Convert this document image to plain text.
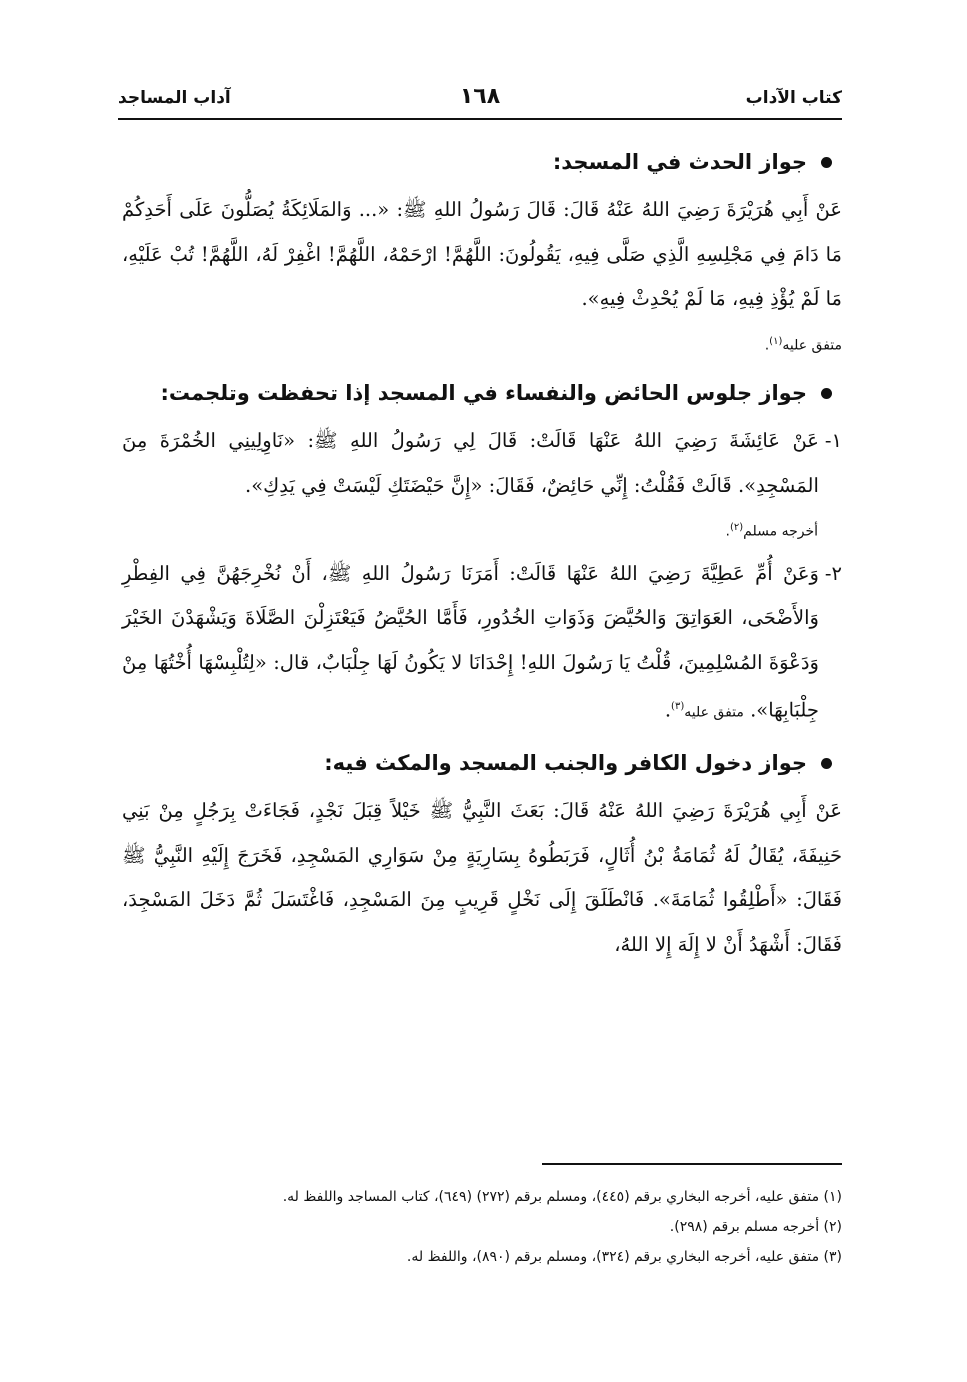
كتاب الآداب
١٦٨
آداب المساجد
جواز الحدث في المسجد:
عَنْ أَبِي هُرَيْرَةَ رَضِيَ اللهُ عَنْهُ قَالَ: قَالَ رَسُولُ اللهِ ﷺ: «... وَالمَلَائِكَةُ يُصَلُّونَ عَلَى أَحَدِكُمْ مَا دَامَ فِي مَجْلِسِهِ الَّذِي صَلَّى فِيهِ، يَقُولُونَ: اللَّهُمَّ! ارْحَمْهُ، اللَّهُمَّ! اغْفِرْ لَهُ، اللَّهُمَّ! تُبْ عَلَيْهِ، مَا لَمْ يُؤْذِ فِيهِ، مَا لَمْ يُحْدِثْ فِيهِ».
متفق عليه$^{(١)}$.
جواز جلوس الحائض والنفساء في المسجد إذا تحفظت وتلجمت:
١-
عَنْ عَائِشَةَ رَضِيَ اللهُ عَنْهَا قَالَتْ: قَالَ لِي رَسُولُ اللهِ ﷺ: «نَاوِلِينِي الخُمْرَةَ مِنَ المَسْجِدِ». قَالَتْ فَقُلْتُ: إِنِّي حَائِضٌ، فَقَالَ: «إِنَّ حَيْضَتَكِ لَيْسَتْ فِي يَدِكِ».
أخرجه مسلم$^{(٢)}$.
٢-
وَعَنْ أُمِّ عَطِيَّةَ رَضِيَ اللهُ عَنْهَا قَالَتْ: أَمَرَنَا رَسُولُ اللهِ ﷺ، أَنْ نُخْرِجَهُنَّ فِي الفِطْرِ وَالأَضْحَى، العَوَاتِقَ وَالحُيَّضَ وَذَوَاتِ الخُدُورِ، فَأَمَّا الحُيَّضُ فَيَعْتَزِلْنَ الصَّلَاةَ وَيَشْهَدْنَ الخَيْرَ وَدَعْوَةَ المُسْلِمِينَ، قُلْتُ يَا رَسُولَ اللهِ! إِحْدَانَا لا يَكُونُ لَهَا جِلْبَابٌ، قال: «لِتُلْبِسْهَا أُخْتُهَا مِنْ جِلْبَابِهَا». متفق عليه$^{(٣)}$.
جواز دخول الكافر والجنب المسجد والمكث فيه:
عَنْ أَبِي هُرَيْرَةَ رَضِيَ اللهُ عَنْهُ قَالَ: بَعَثَ النَّبِيُّ ﷺ خَيْلاً قِبَلَ نَجْدٍ، فَجَاءَتْ بِرَجُلٍ مِنْ بَنِي حَنِيفَةَ، يُقَالُ لَهُ ثُمَامَةُ بْنُ أُثَالٍ، فَرَبَطُوهُ بِسَارِيَةٍ مِنْ سَوَارِي المَسْجِدِ، فَخَرَجَ إِلَيْهِ النَّبِيُّ ﷺ فَقَالَ: «أَطْلِقُوا ثُمَامَةَ». فَانْطَلَقَ إِلَى نَخْلٍ قَرِيبٍ مِنَ المَسْجِدِ، فَاغْتَسَلَ ثُمَّ دَخَلَ المَسْجِدَ، فَقَالَ: أَشْهَدُ أَنْ لا إِلَهَ إِلا اللهُ،
(١) متفق عليه، أخرجه البخاري برقم (٤٤٥)، ومسلم برقم (٢٧٢) (٦٤٩)، كتاب المساجد واللفظ له.
(٢) أخرجه مسلم برقم (٢٩٨).
(٣) متفق عليه، أخرجه البخاري برقم (٣٢٤)، ومسلم برقم (٨٩٠)، واللفظ له.
